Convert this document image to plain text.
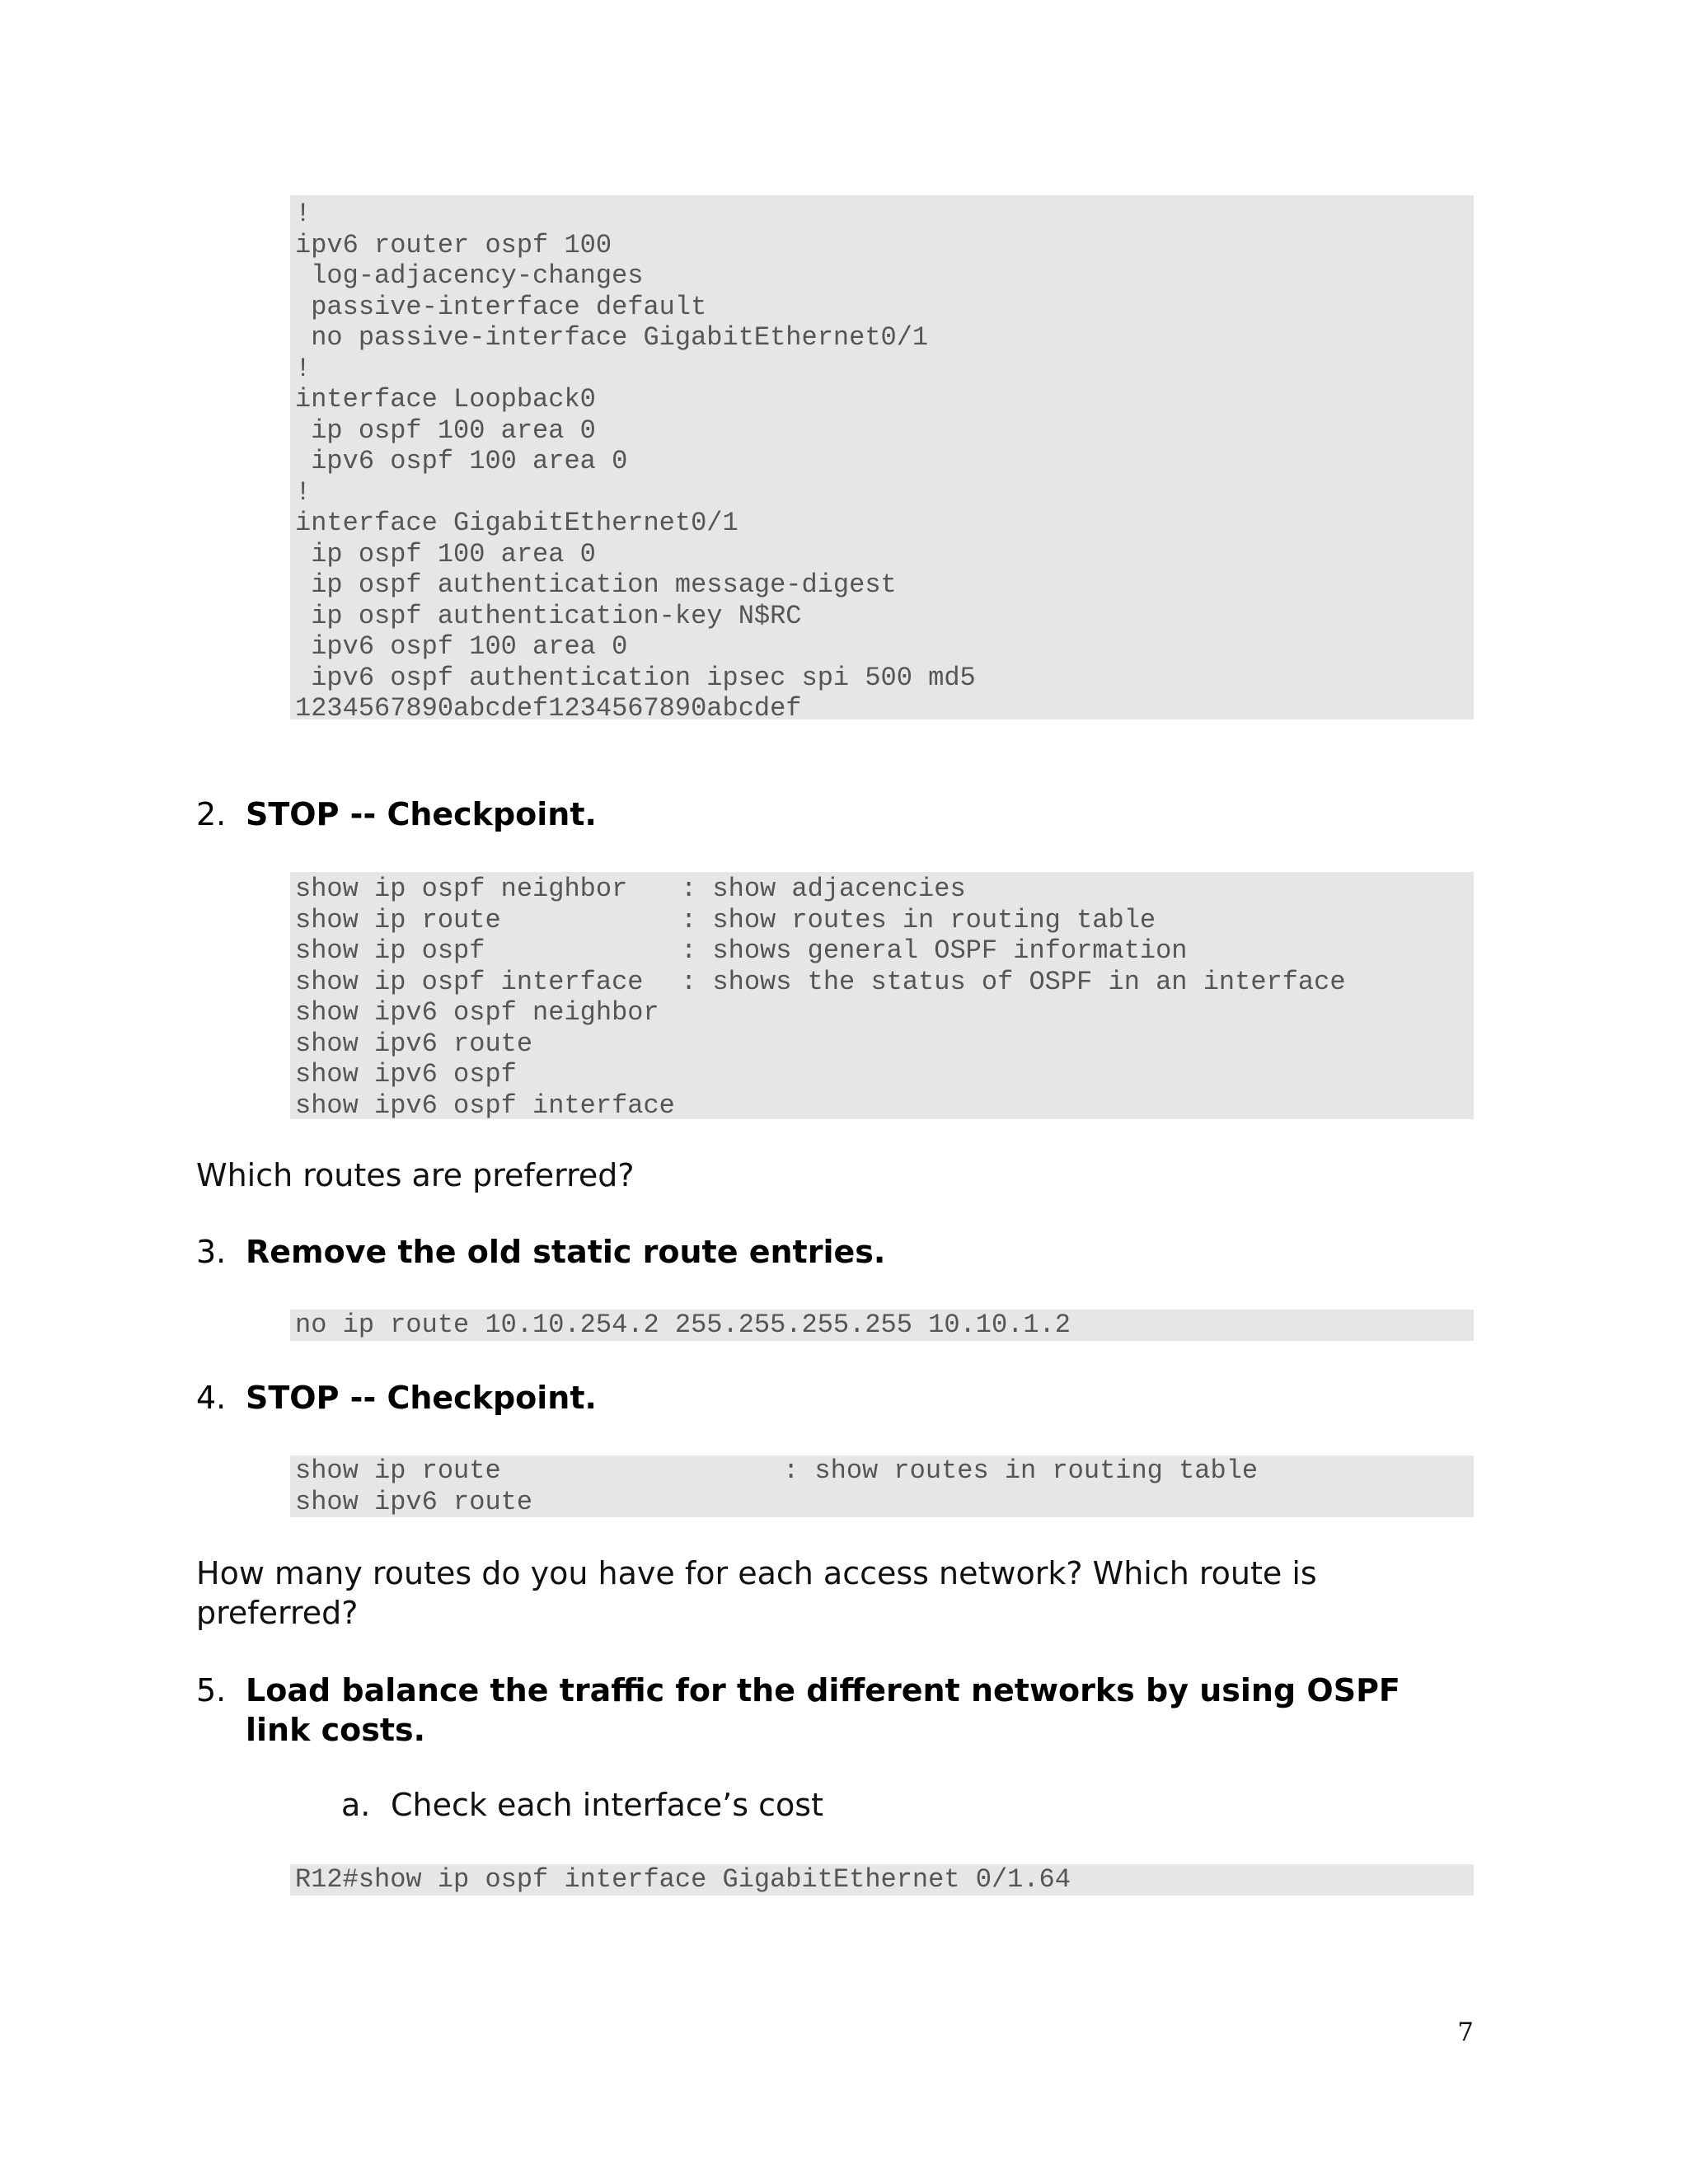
!
ipv6 router ospf 100
log-adjacency-changes
passive-interface default
no passive-interface GigabitEthernet0/1
!
interface Loopback0
ip ospf 100 area 0
ipv6 ospf 100 area 0
!
interface GigabitEthernet0/1
ip ospf 100 area 0
ip ospf authentication message-digest
ip ospf authentication-key N$RC
ipv6 ospf 100 area 0
ipv6 ospf authentication ipsec spi 500 md5
1234567890abcdef1234567890abcdef
2. STOP -- Checkpoint.
show ip ospf neighbor : show adjacencies
show ip route	: show routes in routing table
show ip ospf	: shows general OSPF information
show ip ospf interface : shows the status of OSPF in an interface
show ipv6 ospf neighbor
show ipv6 route
show ipv6 ospf
show ipv6 ospf interface
Which routes are preferred?
3. Remove the old static route entries.
no ip route 10.10.254.2 255.255.255.255 10.10.1.2
4. STOP -- Checkpoint.
show ip route	: show routes in routing table
show ipv6 route
How many routes do you have for each access network? Which route is preferred?
5. Load balance the traffic for the different networks by using OSPF link costs.
a. Check each interface’s cost
R12#show ip ospf interface GigabitEthernet 0/1.64
7
